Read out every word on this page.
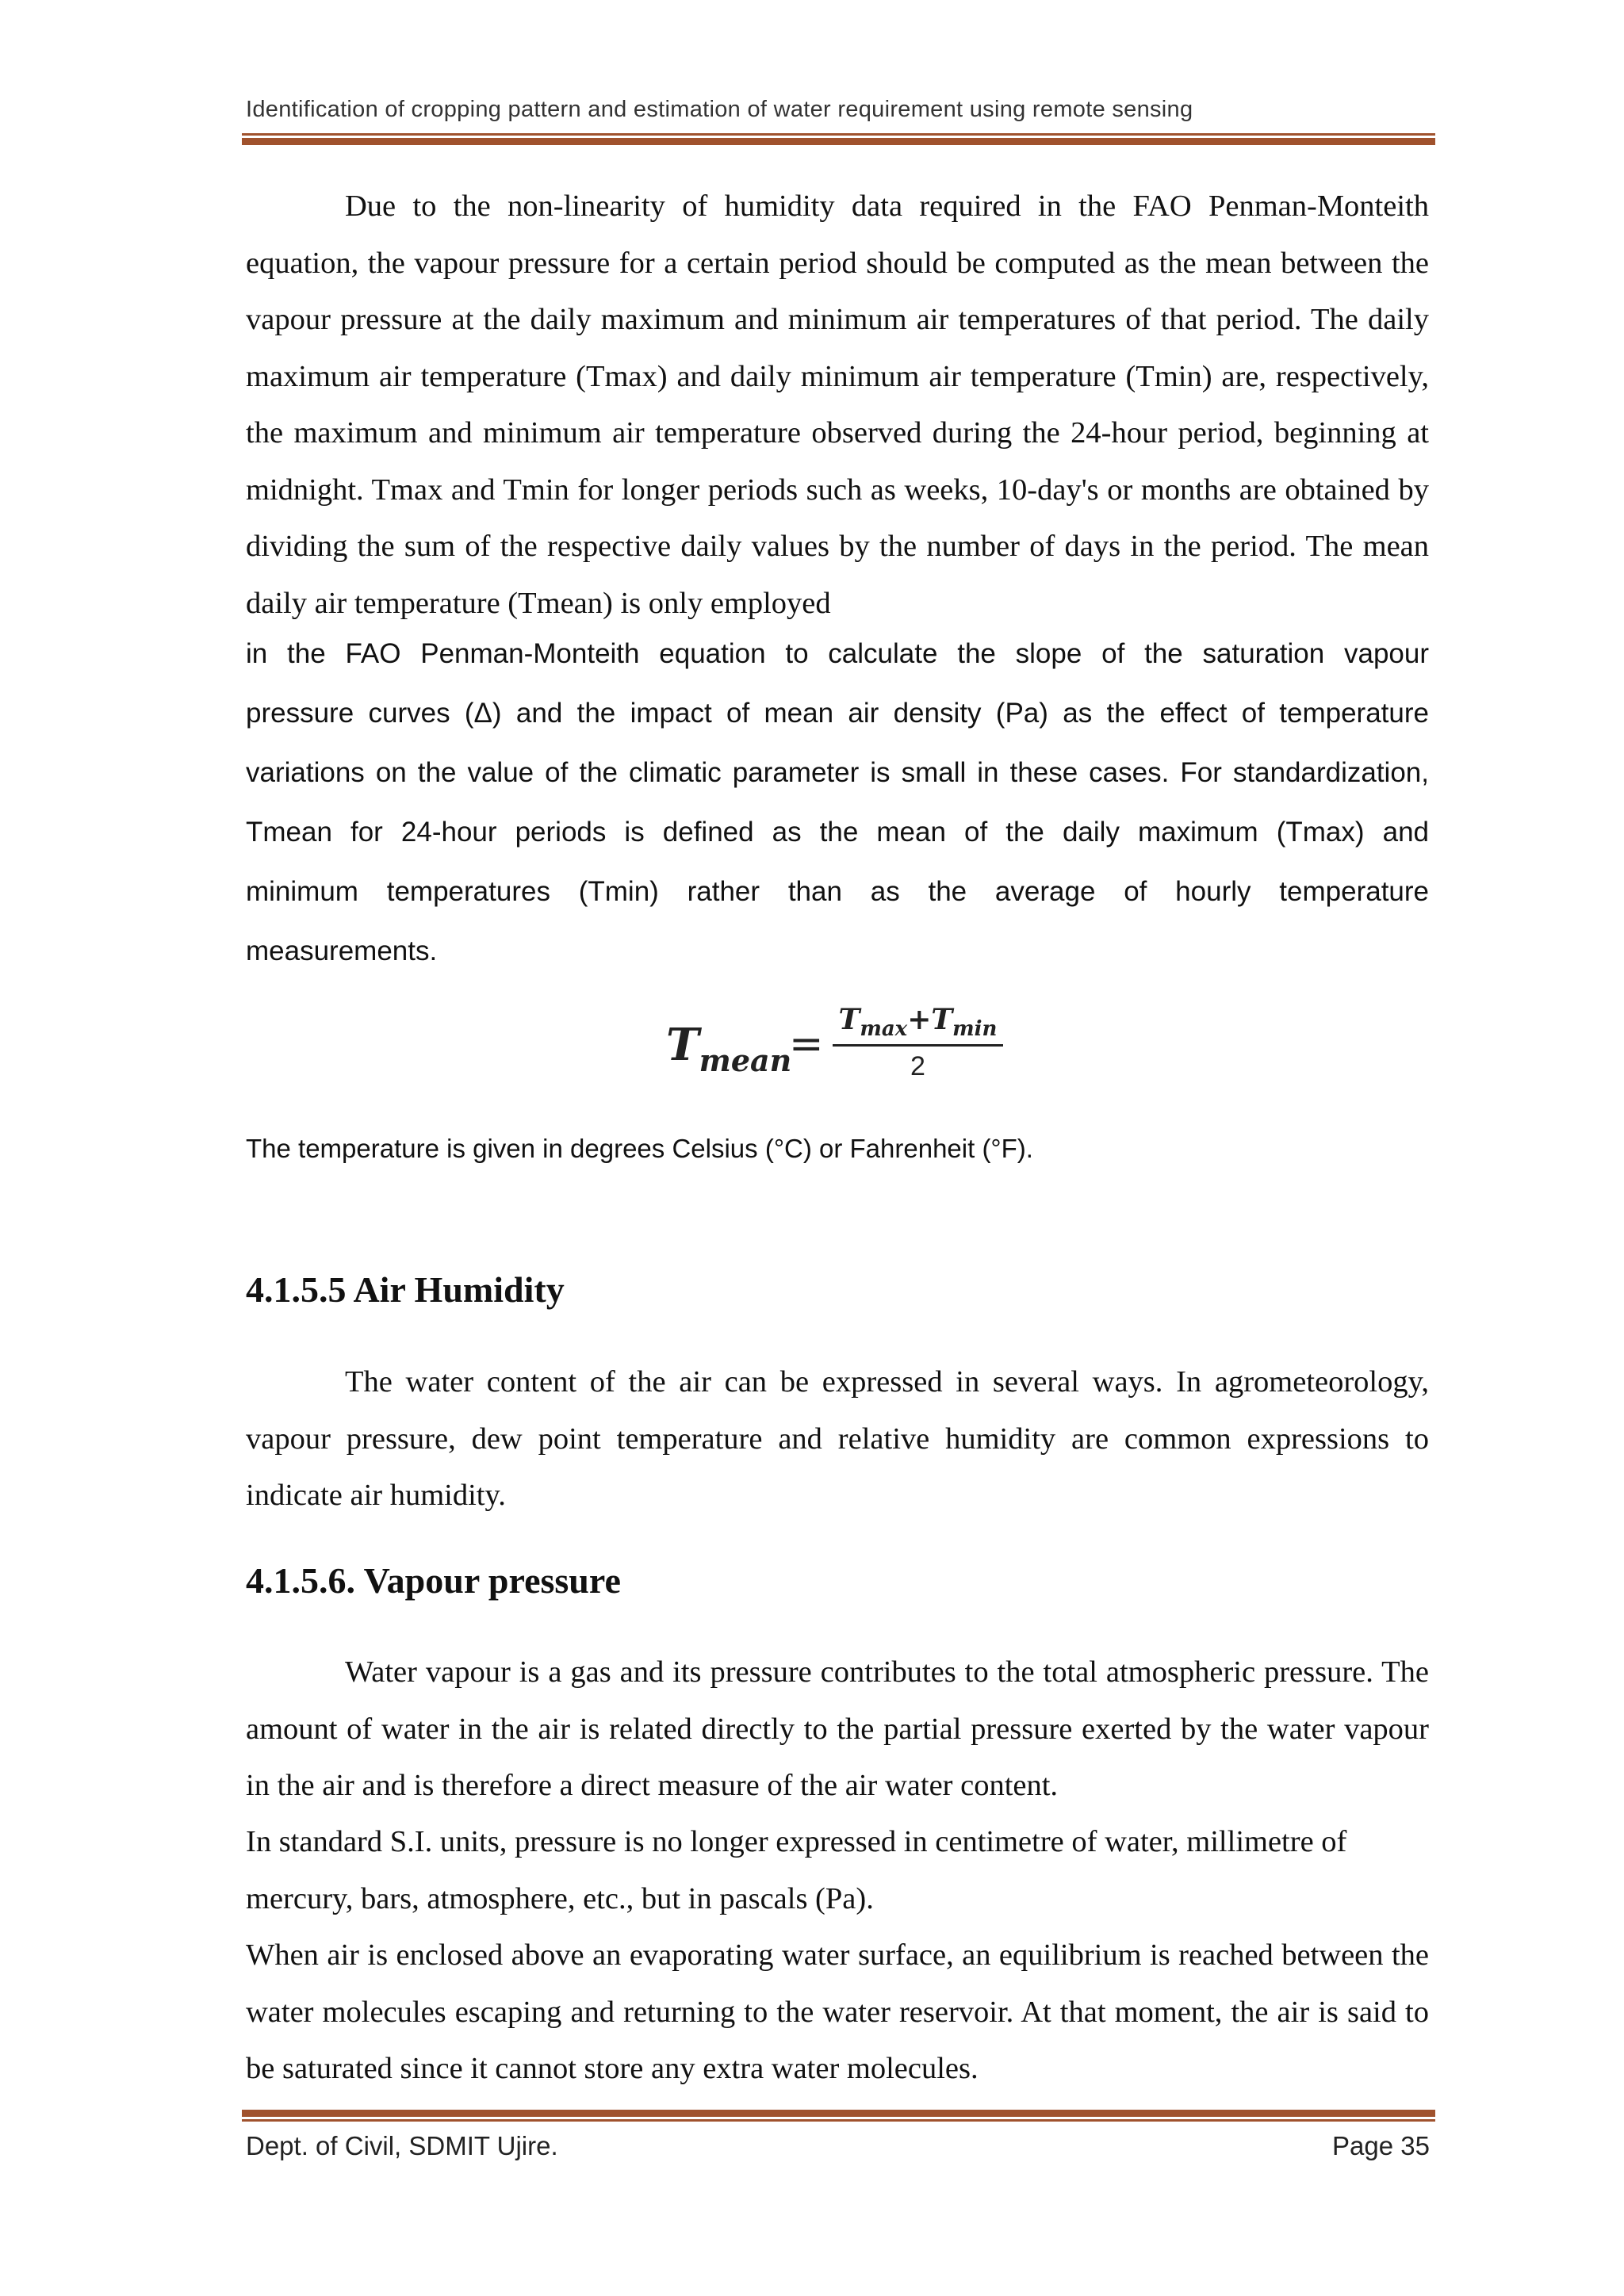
Identification of cropping pattern and estimation of water requirement using remote sensing

Due to the non-linearity of humidity data required in the FAO Penman-Monteith equation, the vapour pressure for a certain period should be computed as the mean between the vapour pressure at the daily maximum and minimum air temperatures of that period. The daily maximum air temperature (Tmax) and daily minimum air temperature (Tmin) are, respectively, the maximum and minimum air temperature observed during the 24-hour period, beginning at midnight. Tmax and Tmin for longer periods such as weeks, 10-day's or months are obtained by dividing the sum of the respective daily values by the number of days in the period. The mean daily air temperature (Tmean) is only employed

in the FAO Penman-Monteith equation to calculate the slope of the saturation vapour pressure curves (Δ) and the impact of mean air density (Pa) as the effect of temperature variations on the value of the climatic parameter is small in these cases. For standardization, Tmean for 24-hour periods is defined as the mean of the daily maximum (Tmax) and minimum temperatures (Tmin) rather than as the average of hourly temperature measurements.

$T_{mean}$
=
$T_{max}+T_{min}$
2
The temperature is given in degrees Celsius (°C) or Fahrenheit (°F).
4.1.5.5 Air Humidity

The water content of the air can be expressed in several ways. In agrometeorology, vapour pressure, dew point temperature and relative humidity are common expressions to indicate air humidity.

4.1.5.6. Vapour pressure

Water vapour is a gas and its pressure contributes to the total atmospheric pressure. The amount of water in the air is related directly to the partial pressure exerted by the water vapour in the air and is therefore a direct measure of the air water content.

In standard S.I. units, pressure is no longer expressed in centimetre of water, millimetre of mercury, bars, atmosphere, etc., but in pascals (Pa).

When air is enclosed above an evaporating water surface, an equilibrium is reached between the water molecules escaping and returning to the water reservoir. At that moment, the air is said to be saturated since it cannot store any extra water molecules.

Dept. of Civil, SDMIT Ujire.	Page 35
